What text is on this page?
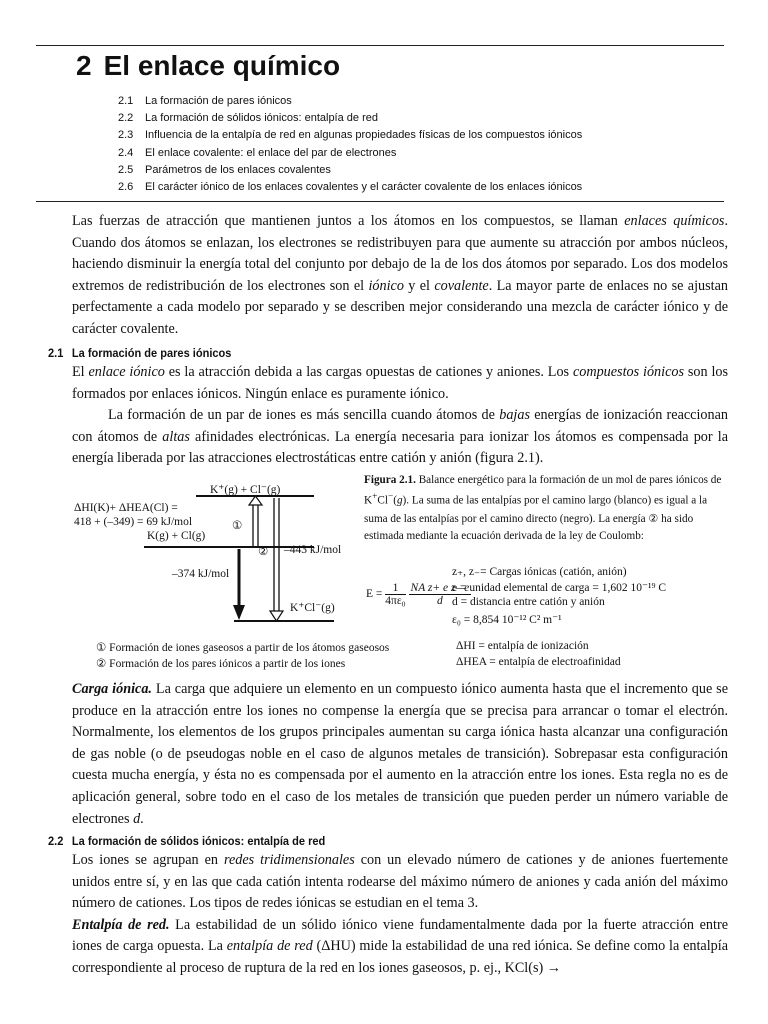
2 El enlace químico
2.1 La formación de pares iónicos
2.2 La formación de sólidos iónicos: entalpía de red
2.3 Influencia de la entalpía de red en algunas propiedades físicas de los compuestos iónicos
2.4 El enlace covalente: el enlace del par de electrones
2.5 Parámetros de los enlaces covalentes
2.6 El carácter iónico de los enlaces covalentes y el carácter covalente de los enlaces iónicos

Las fuerzas de atracción que mantienen juntos a los átomos en los compuestos, se llaman enlaces químicos. Cuando dos átomos se enlazan, los electrones se redistribuyen para que aumente su atracción por ambos núcleos, haciendo disminuir la energía total del conjunto por debajo de la de los dos átomos por separado. Los dos modelos extremos de redistribución de los electrones son el iónico y el covalente. La mayor parte de enlaces no se ajustan perfectamente a cada modelo por separado y se describen mejor considerando una mezcla de carácter iónico y de carácter covalente.

2.1 La formación de pares iónicos

El enlace iónico es la atracción debida a las cargas opuestas de cationes y aniones. Los compuestos iónicos son los formados por enlaces iónicos. Ningún enlace es puramente iónico.

La formación de un par de iones es más sencilla cuando átomos de bajas energías de ionización reaccionan con átomos de altas afinidades electrónicas. La energía necesaria para ionizar los átomos es compensada por la energía liberada por las atracciones electrostáticas entre catión y anión (figura 2.1).

K⁺(g) + Cl⁻(g)
ΔHI(K)+ ΔHEA(Cl) =
418 + (–349) = 69 kJ/mol	①
K(g) + Cl(g)
② –443 kJ/mol
–374 kJ/mol
K⁺Cl⁻(g)
Figura 2.1. Balance energético para la formación de un mol de pares iónicos de K+Cl−(g). La suma de las entalpías por el camino largo (blanco) es igual a la suma de las entalpías por el camino directo (negro). La energía ② ha sido estimada mediante la ecuación derivada de la ley de Coulomb:
$E = \frac{1}{\text{4πε₀}}$
$\frac{\text{NA z+ e z– e}}{d}$
z₊, z₋= Cargas iónicas (catión, anión)
e = unidad elemental de carga = 1,602 10⁻¹⁹ C
d = distancia entre catión y anión
ε₀ = 8,854 10⁻¹² C² m⁻¹
① Formación de iones gaseosos a partir de los átomos gaseosos
② Formación de los pares iónicos a partir de los iones
ΔHI = entalpía de ionización
ΔHEA = entalpía de electroafinidad

Carga iónica. La carga que adquiere un elemento en un compuesto iónico aumenta hasta que el incremento que se produce en la atracción entre los iones no compense la energía que se precisa para arrancar o tomar el electrón. Normalmente, los elementos de los grupos principales aumentan su carga iónica hasta alcanzar una configuración de gas noble (o de pseudogas noble en el caso de algunos metales de transición). Sobrepasar esta configuración cuesta mucha energía, y ésta no es compensada por el aumento en la atracción entre los iones. Esta regla no es de aplicación general, sobre todo en el caso de los metales de transición que pueden perder un número variable de electrones d.

2.2 La formación de sólidos iónicos: entalpía de red

Los iones se agrupan en redes tridimensionales con un elevado número de cationes y de aniones fuertemente unidos entre sí, y en las que cada catión intenta rodearse del máximo número de aniones y cada anión del máximo número de cationes. Los tipos de redes iónicas se estudian en el tema 3.

Entalpía de red. La estabilidad de un sólido iónico viene fundamentalmente dada por la fuerte atracción entre iones de carga opuesta. La entalpía de red (ΔHU) mide la estabilidad de una red iónica. Se define como la entalpía correspondiente al proceso de ruptura de la red en los iones gaseosos, p. ej., KCl(s) →
